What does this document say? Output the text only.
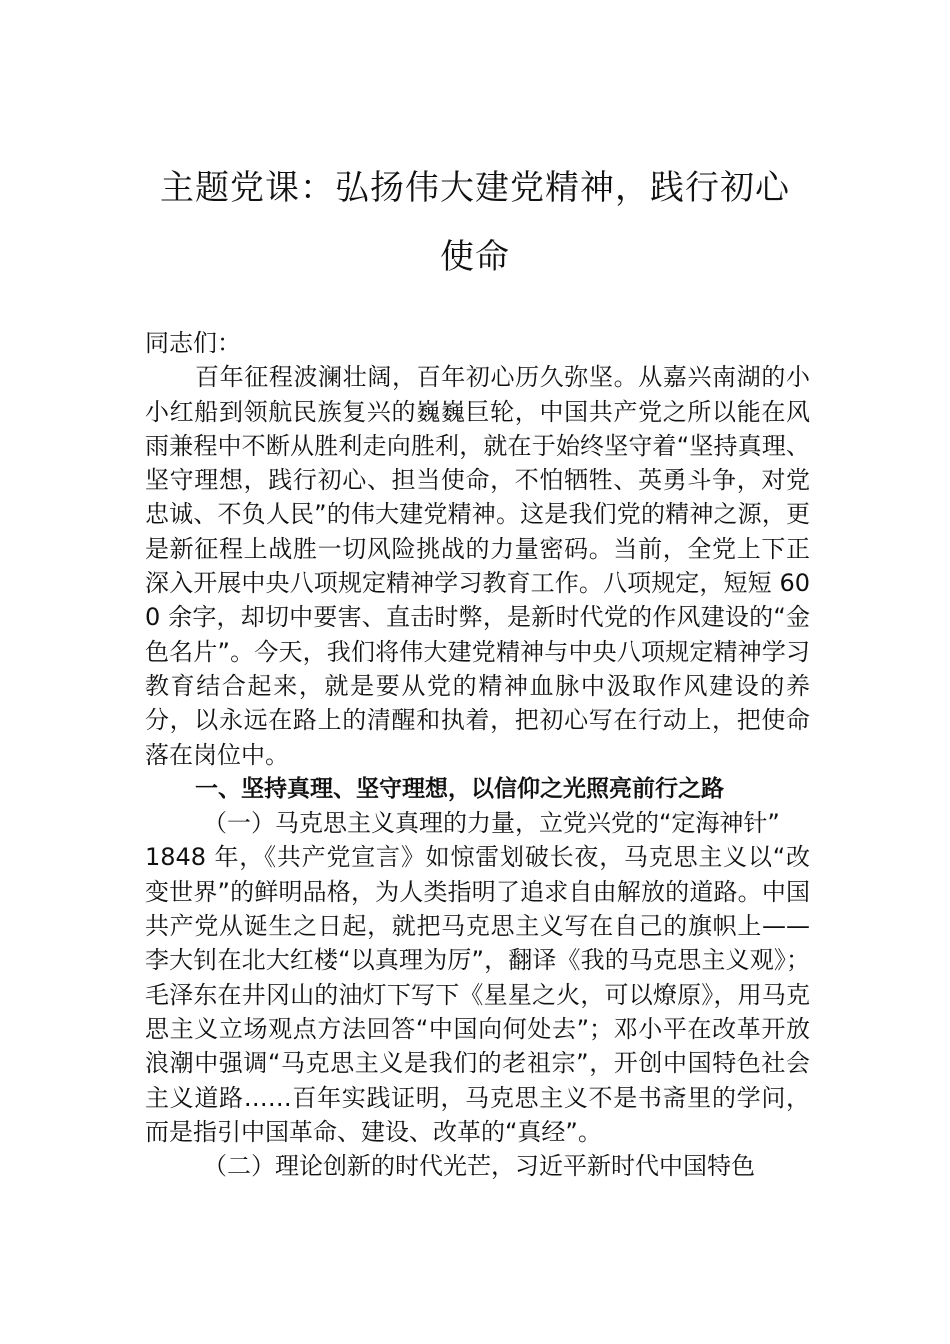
主题党课：弘扬伟大建党精神，践行初心
使命

同志们：

百年征程波澜壮阔，百年初心历久弥坚。从嘉兴南湖的小小红船到领航民族复兴的巍巍巨轮，中国共产党之所以能在风雨兼程中不断从胜利走向胜利，就在于始终坚守着“坚持真理、坚守理想，践行初心、担当使命，不怕牺牲、英勇斗争，对党忠诚、不负人民”的伟大建党精神。这是我们党的精神之源，更是新征程上战胜一切风险挑战的力量密码。当前，全党上下正深入开展中央八项规定精神学习教育工作。八项规定，短短 600 余字，却切中要害、直击时弊，是新时代党的作风建设的“金色名片”。今天，我们将伟大建党精神与中央八项规定精神学习教育结合起来，就是要从党的精神血脉中汲取作风建设的养分，以永远在路上的清醒和执着，把初心写在行动上，把使命落在岗位中。

一、坚持真理、坚守理想，以信仰之光照亮前行之路

（一）马克思主义真理的力量，立党兴党的“定海神针”

1848 年，《共产党宣言》如惊雷划破长夜，马克思主义以“改变世界”的鲜明品格，为人类指明了追求自由解放的道路。中国共产党从诞生之日起，就把马克思主义写在自己的旗帜上——李大钊在北大红楼“以真理为厉”，翻译《我的马克思主义观》；毛泽东在井冈山的油灯下写下《星星之火，可以燎原》，用马克思主义立场观点方法回答“中国向何处去”；邓小平在改革开放浪潮中强调“马克思主义是我们的老祖宗”，开创中国特色社会主义道路……百年实践证明，马克思主义不是书斋里的学问，而是指引中国革命、建设、改革的“真经”。

（二）理论创新的时代光芒，习近平新时代中国特色
